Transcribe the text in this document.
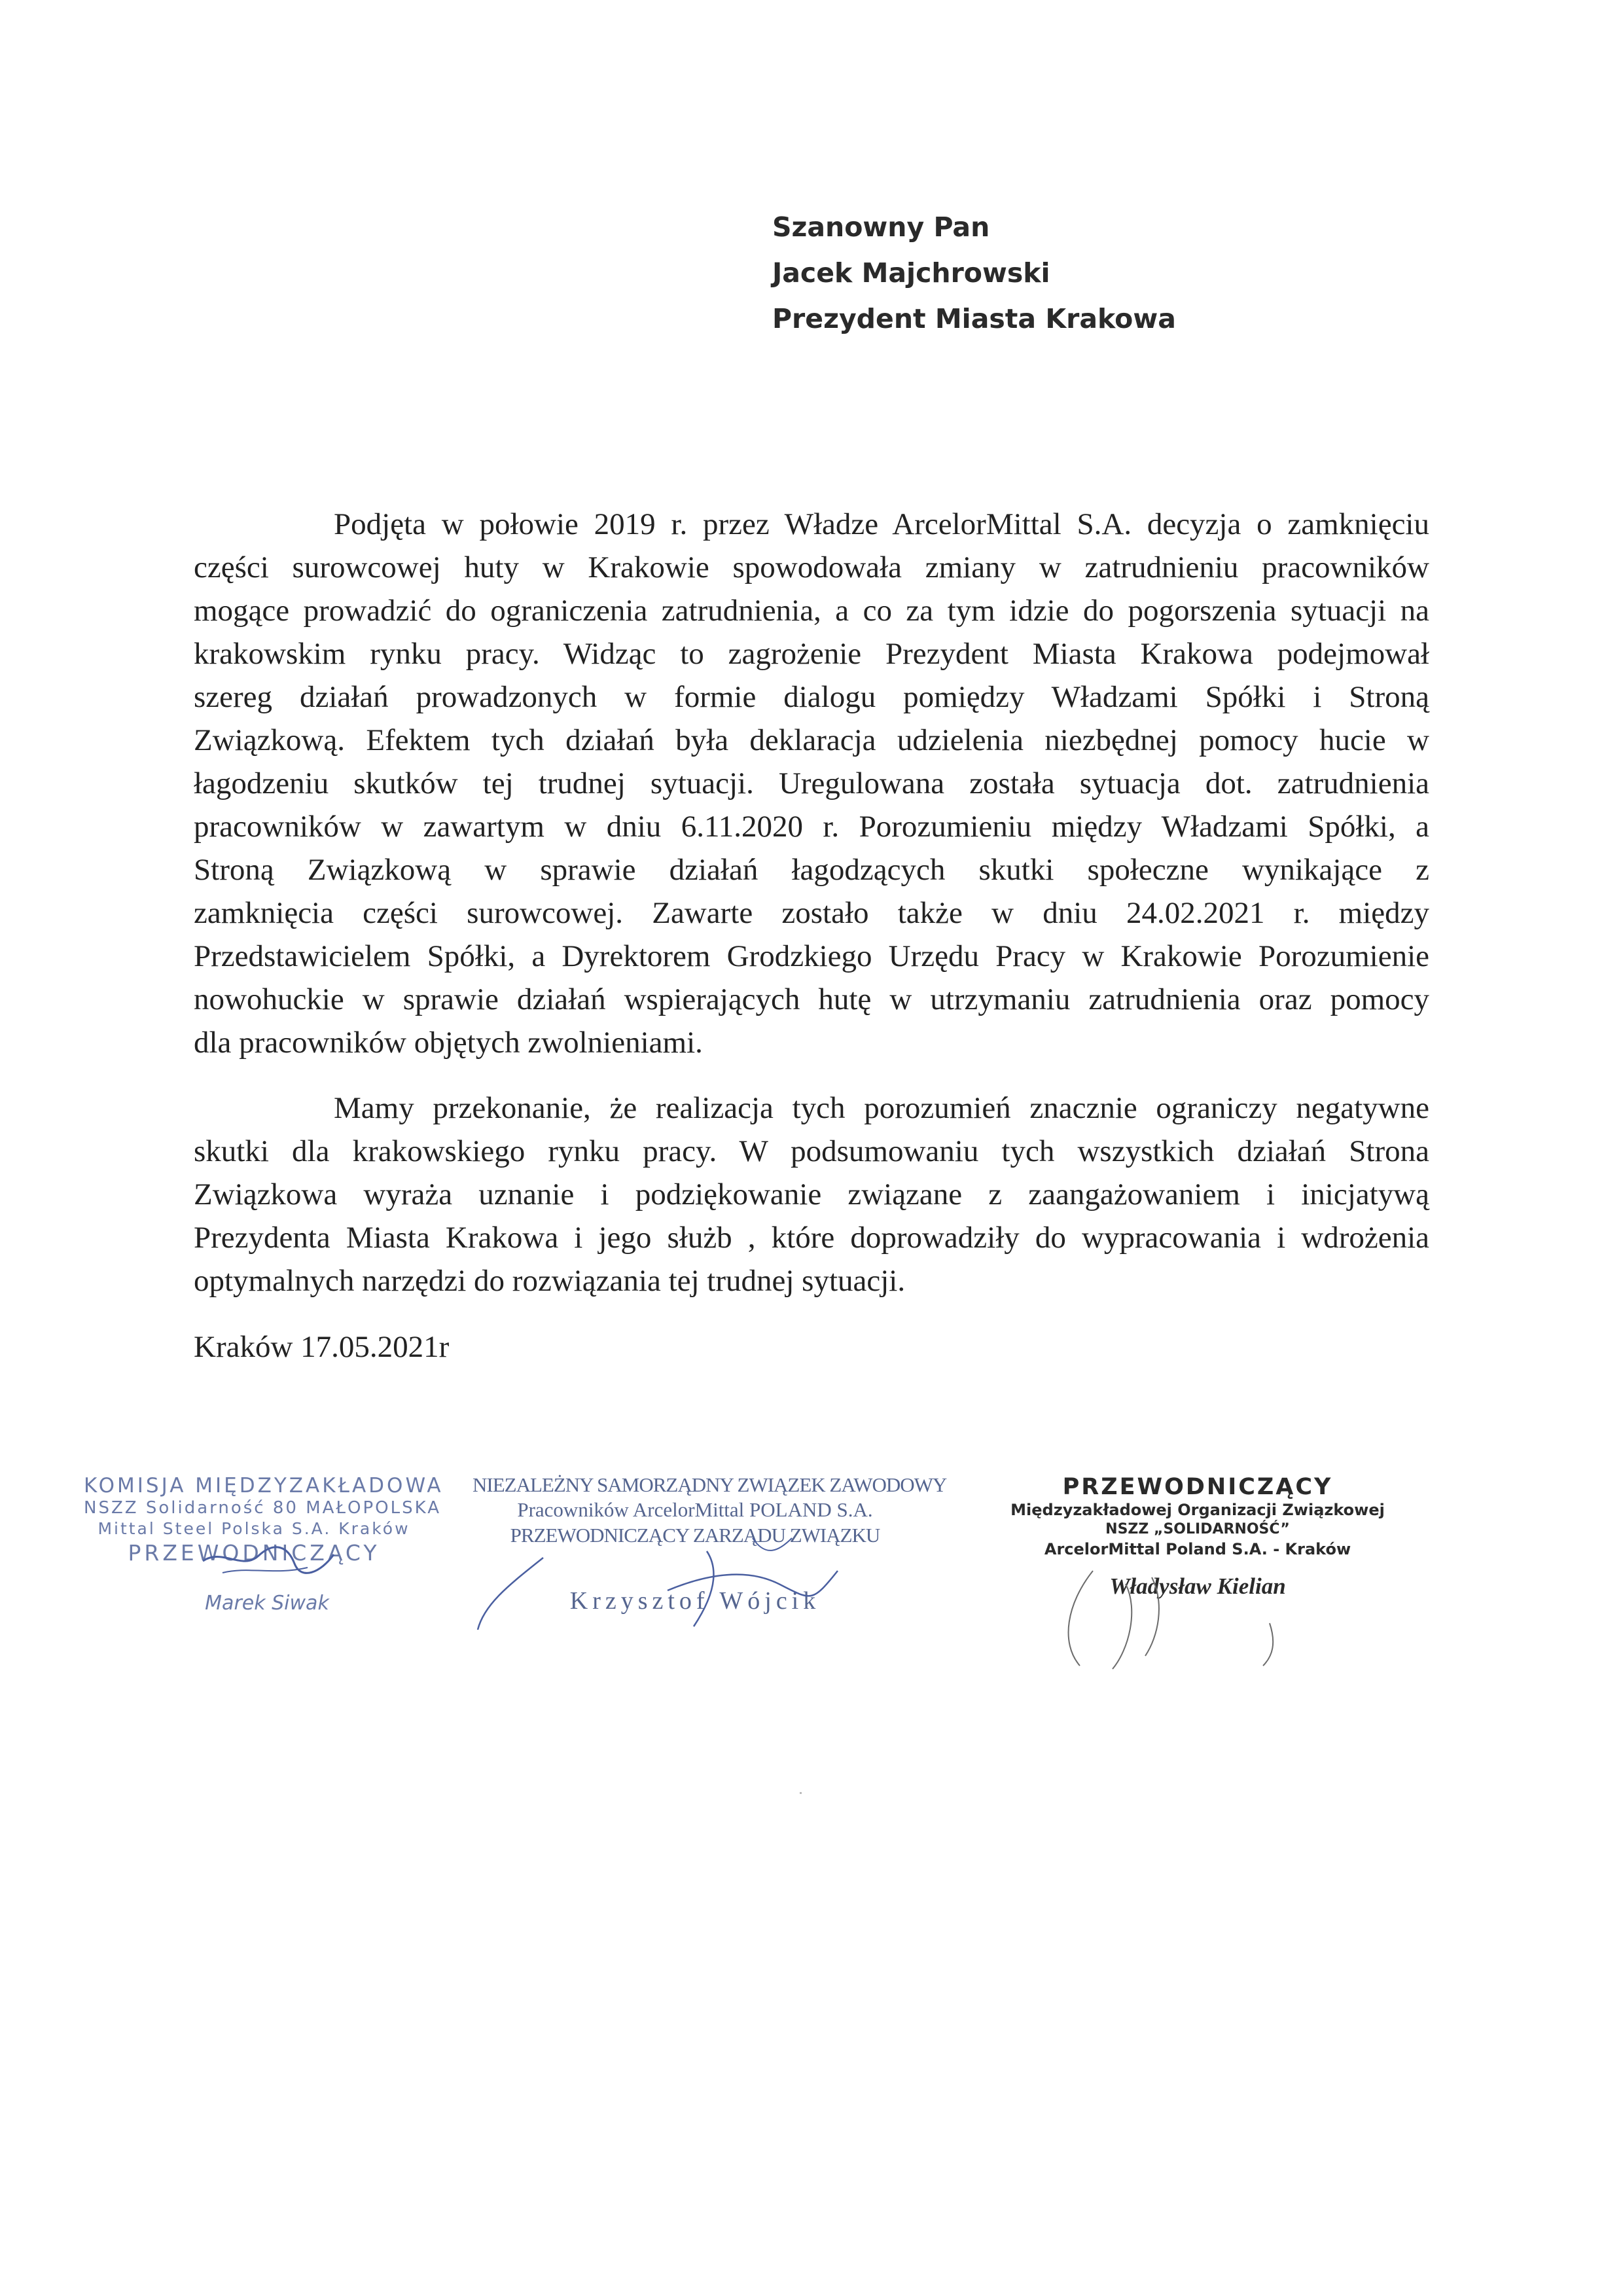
Szanowny Pan
Jacek Majchrowski
Prezydent Miasta Krakowa
Podjęta w połowie 2019 r. przez Władze ArcelorMittal S.A. decyzja o zamknięciu
części surowcowej huty w Krakowie spowodowała zmiany w zatrudnieniu pracowników
mogące prowadzić do ograniczenia zatrudnienia, a co za tym idzie do pogorszenia sytuacji na
krakowskim rynku pracy. Widząc to zagrożenie Prezydent Miasta Krakowa podejmował
szereg działań prowadzonych w formie dialogu pomiędzy Władzami Spółki i Stroną
Związkową. Efektem tych działań była deklaracja udzielenia niezbędnej pomocy hucie w
łagodzeniu skutków tej trudnej sytuacji. Uregulowana została sytuacja dot. zatrudnienia
pracowników w zawartym w dniu 6.11.2020 r. Porozumieniu między Władzami Spółki, a
Stroną Związkową w sprawie działań łagodzących skutki społeczne wynikające z
zamknięcia części surowcowej. Zawarte zostało także w dniu 24.02.2021 r. między
Przedstawicielem Spółki, a Dyrektorem Grodzkiego Urzędu Pracy w Krakowie Porozumienie
nowohuckie w sprawie działań wspierających hutę w utrzymaniu zatrudnienia oraz pomocy
dla pracowników objętych zwolnieniami.
Mamy przekonanie, że realizacja tych porozumień znacznie ograniczy negatywne
skutki dla krakowskiego rynku pracy. W podsumowaniu tych wszystkich działań Strona
Związkowa wyraża uznanie i podziękowanie związane z zaangażowaniem i inicjatywą
Prezydenta Miasta Krakowa i jego służb , które doprowadziły do wypracowania i wdrożenia
optymalnych narzędzi do rozwiązania tej trudnej sytuacji.
Kraków 17.05.2021r
KOMISJA MIĘDZYZAKŁADOWA
NSZZ Solidarność 80 MAŁOPOLSKA
Mittal Steel Polska S.A. Kraków
PRZEWODNICZĄCY
Marek Siwak
NIEZALEŻNY SAMORZĄDNY ZWIĄZEK ZAWODOWY
Pracowników ArcelorMittal POLAND S.A.
PRZEWODNICZĄCY ZARZĄDU ZWIĄZKU
Krzysztof Wójcik
PRZEWODNICZĄCY
Międzyzakładowej Organizacji Związkowej
NSZZ „SOLIDARNOŚĆ”
ArcelorMittal Poland S.A. - Kraków
Władysław Kielian
